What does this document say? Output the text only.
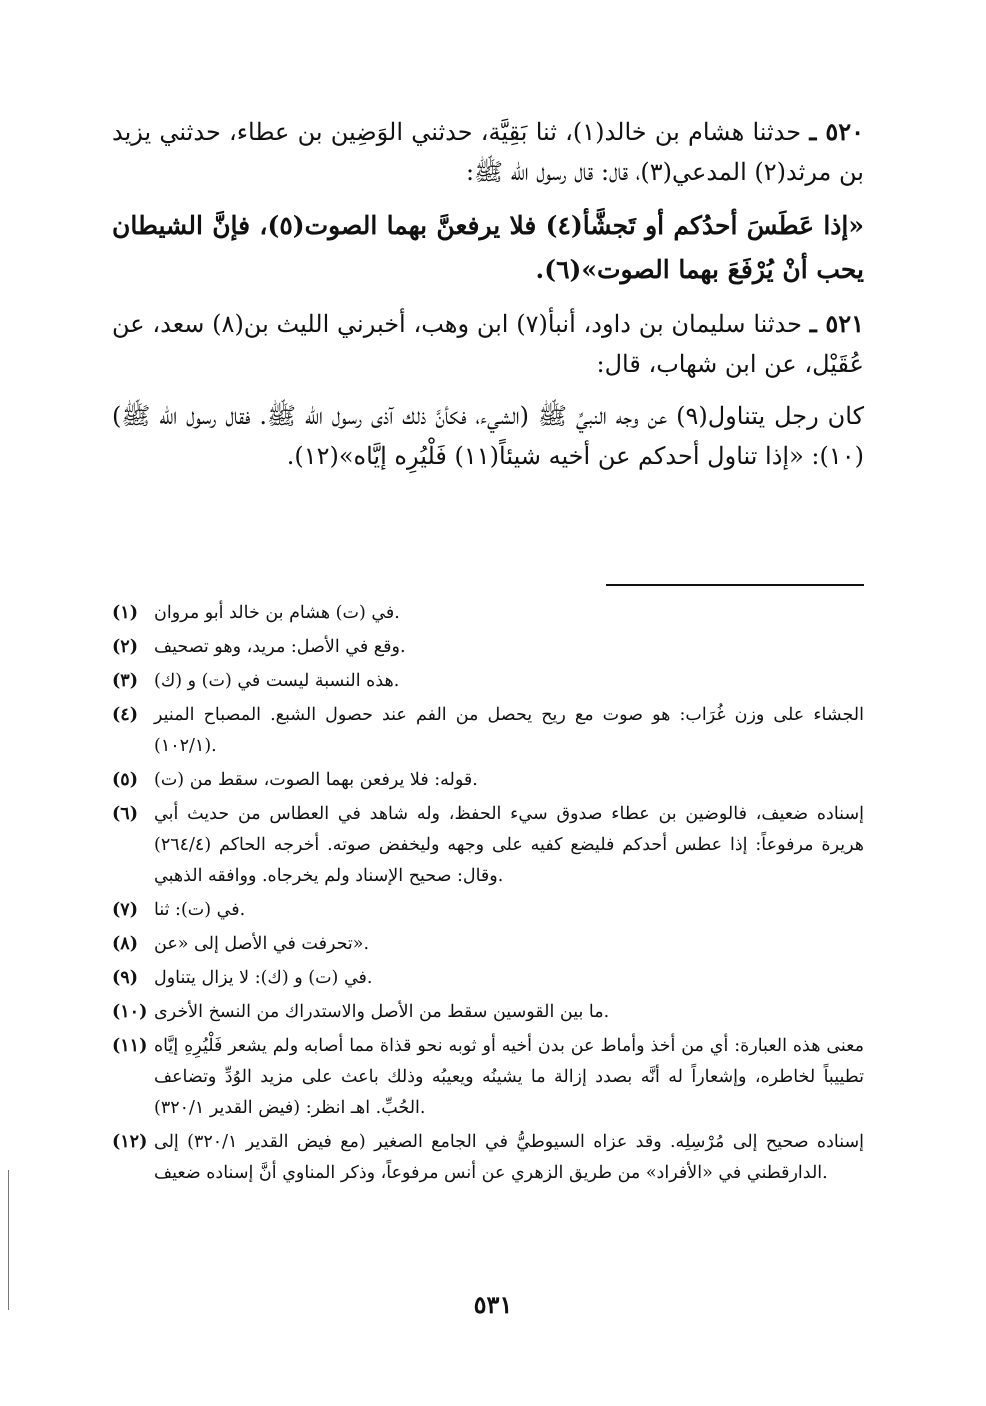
٥٢٠ ـ حدثنا هشام بن خالد(١)، ثنا بَقِيَّة، حدثني الوَضِين بن عطاء، حدثني يزيد بن مرثد(٢) المدعي(٣)، قال: قال رسول الله ﷺ:

«إذا عَطَسَ أحدُكم أو تَجشَّأ(٤) فلا يرفعنَّ بهما الصوت(٥)، فإنَّ الشيطان يحب أنْ يُرْفَعَ بهما الصوت»(٦).

٥٢١ ـ حدثنا سليمان بن داود، أنبأ(٧) ابن وهب، أخبرني الليث بن(٨) سعد، عن عُقَيْل، عن ابن شهاب، قال:

كان رجل يتناول(٩) عن وجه النبيِّ ﷺ (الشيء، فكأنَّ ذلك آذى رسول الله ﷺ. فقال رسول الله ﷺ)(١٠): «إذا تناول أحدكم عن أخيه شيئاً(١١) فَلْيُرِه إيَّاه»(١٢).

(١) في (ت) هشام بن خالد أبو مروان.
(٢) وقع في الأصل: مريد، وهو تصحيف.
(٣) هذه النسبة ليست في (ت) و (ك).
(٤) الجشاء على وزن غُرَاب: هو صوت مع ريح يحصل من الفم عند حصول الشبع. المصباح المنير (١٠٢/١).
(٥) قوله: فلا يرفعن بهما الصوت، سقط من (ت).
(٦) إسناده ضعيف، فالوضين بن عطاء صدوق سيء الحفظ، وله شاهد في العطاس من حديث أبي هريرة مرفوعاً: إذا عطس أحدكم فليضع كفيه على وجهه وليخفض صوته. أخرجه الحاكم (٢٦٤/٤) وقال: صحيح الإسناد ولم يخرجاه. ووافقه الذهبي.
(٧) في (ت): ثنا.
(٨) تحرفت في الأصل إلى «عن».
(٩) في (ت) و (ك): لا يزال يتناول.
(١٠) ما بين القوسين سقط من الأصل والاستدراك من النسخ الأخرى.
(١١) معنى هذه العبارة: أي من أخذ وأماط عن بدن أخيه أو ثوبه نحو قذاة مما أصابه ولم يشعر فَلْيُرِهِ إيَّاه تطييباً لخاطره، وإشعاراً له أنَّه بصدد إزالة ما يشينُه ويعيبُه وذلك باعث على مزيد الوُدِّ وتضاعف الحُبِّ. اهـ انظر: (فيض القدير ٣٢٠/١).
(١٢) إسناده صحيح إلى مُرْسِلِه. وقد عزاه السيوطيُّ في الجامع الصغير (مع فيض القدير ٣٢٠/١) إلى الدارقطني في «الأفراد» من طريق الزهري عن أنس مرفوعاً، وذكر المناوي أنَّ إسناده ضعيف.
٥٣١
